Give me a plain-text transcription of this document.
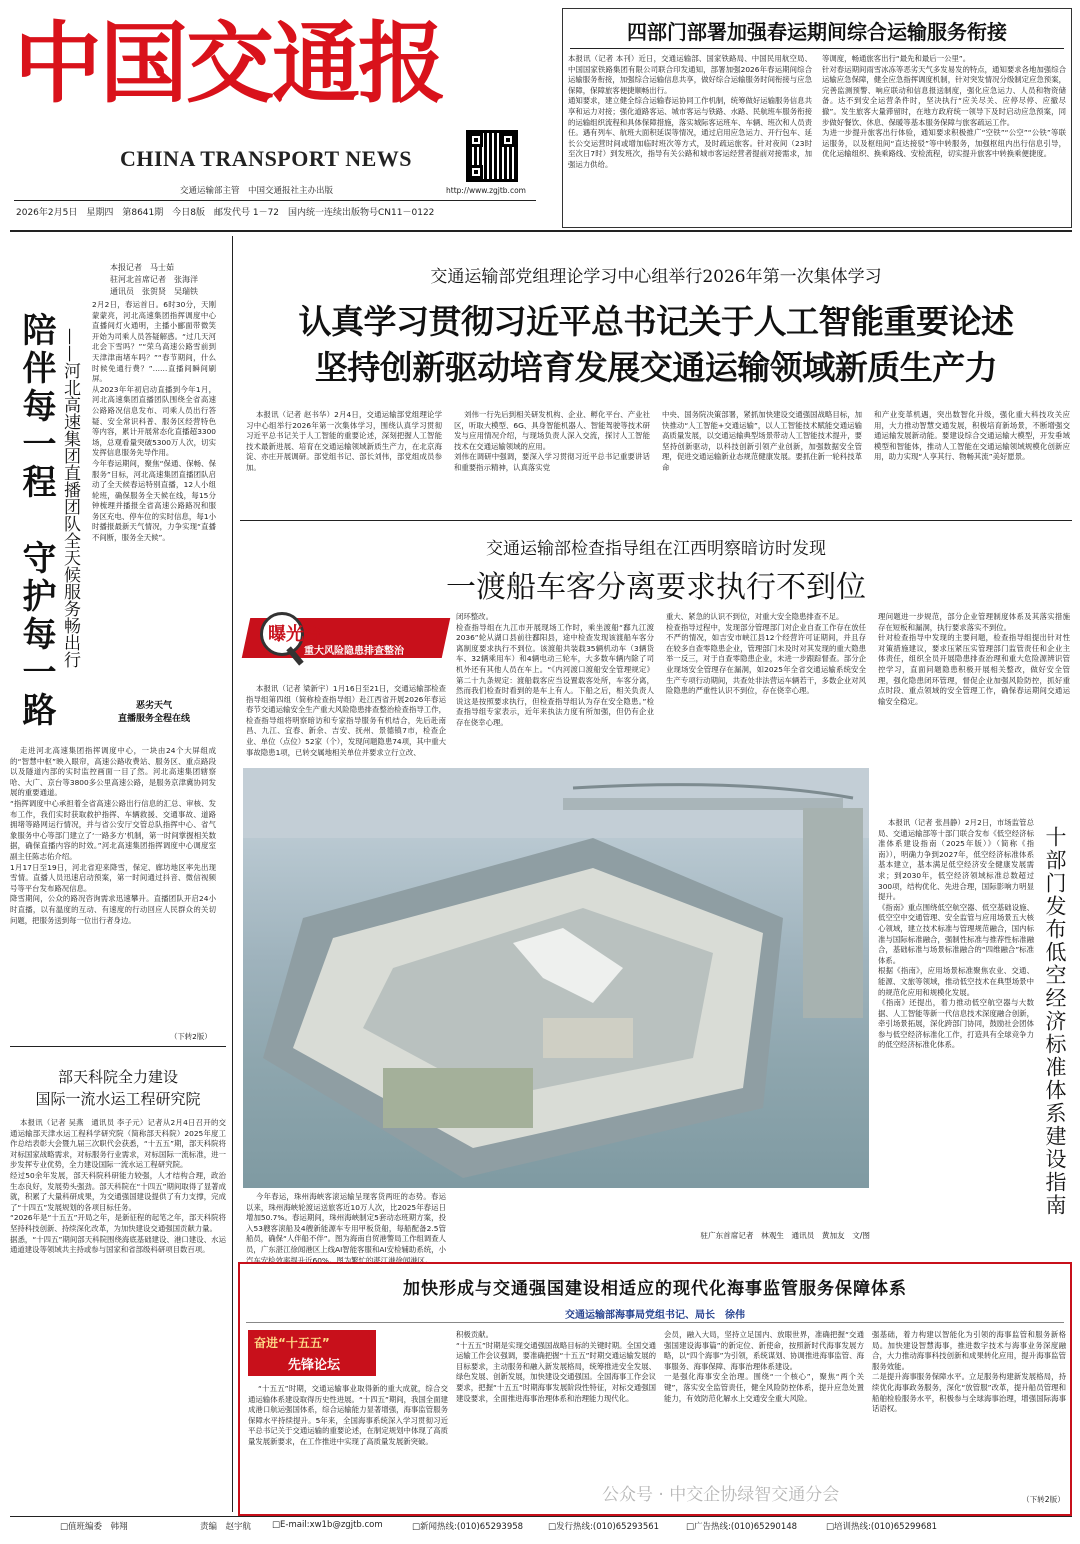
中国交通报
CHINA TRANSPORT NEWS
交通运输部主管　中国交通报社主办出版	http://www.zgjtb.com
2026年2月5日　星期四　第8641期　今日8版　邮发代号 1－72　国内统一连续出版物号CN11－0122
四部门部署加强春运期间综合运输服务衔接
本报讯（记者 本刊）近日，交通运输部、国家铁路局、中国民用航空局、中国国家铁路集团有限公司联合印发通知，部署加强2026年春运期间综合运输服务衔接，加强综合运输信息共享，做好综合运输服务时间衔接与应急保障，保障旅客便捷顺畅出行。
通知要求，建立健全综合运输春运协同工作机制，统筹做好运输服务信息共享和运力对接；强化道路客运、城市客运与铁路、水路、民航班车服务衔接的运输组织流程和具体保障措施，落实城际客运班车、车辆、班次和人员责任。遇有列车、航班大面积延误等情况，通过启用应急运力、开行包车、延长公交运营时间或增加临时班次等方式，及时疏运旅客。针对夜间（23时至次日7时）到发班次，指导有关公路和城市客运经营者提前对接需求，加强运力供给。
等调度，畅通旅客出行“最先和最后一公里”。
针对春运期间雨雪冰冻等恶劣天气多发易发的特点，通知要求各地加强综合运输应急保障，健全应急指挥调度机制，针对突发情况分级制定应急预案，完善监测预警、响应联动和信息报送制度，强化应急运力、人员和物资储备。达不到安全运营条件时，坚决执行“应关尽关、应停尽停、应撤尽撤”。发生旅客大量滞留时，在地方政府统一领导下及时启动应急预案，同步做好餐饮、休息、保暖等基本服务保障与旅客疏运工作。
为进一步提升旅客出行体验，通知要求积极推广“空铁”“公空”“公铁”等联运服务，以及枢纽间“直达接驳”等中转服务，加强枢纽内出行信息引导，优化运输组织、换乘路线、安检流程，切实提升旅客中转换乘便捷度。
本报记者　马士茹
驻河北首席记者　张海洋
通讯员　张贺贤　吴瑞铁
陪伴每一程　守护每一路 ——河北高速集团直播团队全天候服务畅出行
2月2日，春运首日。6时30分，天刚蒙蒙亮，河北高速集团指挥调度中心直播间灯火通明，主播小郦面带微笑开始为司乘人员答疑解惑。“过几天河北会下雪吗？”“荣乌高速公路雪前到天津津南堵车吗？”“春节期间，什么时候免通行费？”……直播间瞬间刷屏。
从2023年年初启动直播到今年1月，河北高速集团直播团队围绕全省高速公路路况信息发布、司乘人员出行答疑、安全常识科普、服务区经营特色等内容，累计开展常态化直播超3300场，总观看量突破5300万人次，切实发挥信息服务先导作用。
今年春运期间，聚焦“保通、保畅、保服务”目标，河北高速集团直播团队启动了全天候春运特别直播，12人小组轮班，确保服务全天候在线，每15分钟梳理并播报全省高速公路路况和服务区充电、停车位的实时信息，每1小时播报最新天气情况，力争实现“直播不间断，服务全天候”。
恶劣天气
直播服务全程在线
走进河北高速集团指挥调度中心，一块由24个大屏组成的“智慧中枢”映入眼帘，高速公路收费站、服务区、重点路段以及隧道内部的实时监控画面一目了然。河北高速集团辖察哈、大广、京台等3800多公里高速公路，是服务京津冀协同发展的重要通道。
“指挥调度中心承担着全省高速公路出行信息的汇总、审核、发布工作，我们实时获取救护指挥、车辆救援、交通事故、道路拥堵等路网运行情况，并与省公安厅交管总队指挥中心、省气象服务中心等部门建立了‘一路多方’机制，第一时间掌握相关数据，确保直播内容的时效。”河北高速集团指挥调度中心调度室副主任陈志佑介绍。
1月17日至19日，河北省迎来降雪，保定、廊坊地区率先出现雪情。直播人员迅速启动预案，第一时间通过抖音、微信视频号等平台发布路况信息。
降雪期间，公众的路况咨询需求迅速攀升。直播团队开启24小时直播，以有温度的互动、有速度的行动回应人民群众的关切问题，把服务送到每一位出行者身边。
（下转2版）
部天科院全力建设
国际一流水运工程研究院
本报讯（记者 吴燕　通讯员 李子元）记者从2月4日召开的交通运输部天津水运工程科学研究院（简称部天科院）2025年度工作总结表彰大会暨九届三次职代会获悉，“十五五”期，部天科院将对标国家战略需求，对标服务行业需求，对标国际一流标准，进一步发挥专业优势，全力建设国际一流水运工程研究院。
经过50余年发展，部天科院科研能力较强，人才结构合理，政治生态良好，发展势头强劲。部天科院在“十四五”期间取得了显著成就，积累了大量科研成果，为交通强国建设提供了有力支撑，完成了“十四五”发展规划的各项目标任务。
“2026年是“十五五”开局之年，是新征程的起笔之年，部天科院将坚持科技创新、持续深化改革，为加快建设交通强国贡献力量。
据悉，“十四五”期间部天科院围绕海底基础建设、港口建设、水运通道建设等领域共主持或参与国家和省部级科研项目数百项。
交通运输部党组理论学习中心组举行2026年第一次集体学习
认真学习贯彻习近平总书记关于人工智能重要论述
坚持创新驱动培育发展交通运输领域新质生产力
本报讯（记者 赵书华）2月4日，交通运输部党组理论学习中心组举行2026年第一次集体学习，围绕认真学习贯彻习近平总书记关于人工智能的重要论述，深刻把握人工智能技术最新进展、培育在交通运输领域新质生产力，在北京海淀、亦庄开展调研。部党组书记、部长刘伟，部党组成员参加。
刘伟一行先后到相关研发机构、企业、孵化平台、产业社区，听取大模型、6G、具身智能机器人、智能驾驶等技术研发与应用情况介绍，与现场负责人深入交流，探讨人工智能技术在交通运输领域的应用。
刘伟在调研中强调，要深入学习贯彻习近平总书记重要讲话和重要指示精神，认真落实党
中央、国务院决策部署，紧抓加快建设交通强国战略目标，加快推动“人工智能+交通运输”，以人工智能技术赋能交通运输高质量发展，以交通运输典型场景带动人工智能技术提升，要坚持创新驱动，以科技创新引领产业创新，加强数据安全管理，促进交通运输新业态规范健康发展。要抓住新一轮科技革命
和产业变革机遇，突出数智化升级，强化重大科技攻关应用，大力推动智慧交通发展，积极培育新场景，不断增强交通运输发展新动能。要建设综合交通运输大模型，开发垂域模型和智能体，推动人工智能在交通运输领域规模化创新应用，助力实现“人享其行、物畅其流”美好愿景。
交通运输部检查指导组在江西明察暗访时发现
一渡船车客分离要求执行不到位
曝光台
重大风险隐患排查整治
本报讯（记者 梁新宇）1月16日至21日，交通运输部检查指导组第四组（简称检查指导组）赴江西省开展2026年春运春节交通运输安全生产重大风险隐患排查整治检查指导工作，检查指导组将明察暗访和专家指导服务有机结合，先后赴南昌、九江、宜春、新余、吉安、抚州、景德镇7市，检查企业、单位（点位）52家（个），发现问题隐患74项，其中重大事故隐患1项，已转交属地相关单位并要求立行立改、
闭环整改。
检查指导组在九江市开展现场工作时，乘坐渡船“鄱九江渡2036”轮从湖口县前往鄱阳县，途中检查发现该渡船车客分离制度要求执行不到位。该渡船共装载35辆机动车（3辆货车、32辆乘用车）和4辆电动三轮车，大多数车辆内除了司机外还有其他人员在车上。“《内河渡口渡船安全管理规定》第二十九条规定：渡船载客应当设置载客处所，车客分离，然而我们检查时看到的是车上有人。下船之后，相关负责人说这是按照要求执行，但检查指导组认为存在安全隐患。”检查指导组专家表示，近年来执法力度有所加强，但仍有企业存在侥幸心理。
重大、紧急的认识不到位，对重大安全隐患排查不足。
检查指导过程中，发现部分管理部门对企业自查工作存在放任不严的情况，如吉安市峡江县12个经营许可证期间，并且存在较多自查零隐患企业，管理部门未及时对其发现的重大隐患举一反三，对于自查零隐患企业，未进一步跟踪督查。部分企业现场安全管理存在漏洞，如2025年全省交通运输系统安全生产专项行动期间，共查处非法营运车辆若干，多数企业对风险隐患的严重性认识不到位，存在侥幸心理。
理问题进一步规范，部分企业管理制度体系及其落实措施存在短板和漏洞，执行要求落实不到位。
针对检查指导中发现的主要问题，检查指导组提出针对性对策措施建议，要求压紧压实管理部门监管责任和企业主体责任，组织全员开展隐患排查治理和重大危险源辨识管控学习，直面问题隐患积极开展相关整改，做好安全管理，强化隐患闭环管理，督促企业加强风险防控，抓好重点时段、重点领域的安全管理工作，确保春运期间交通运输安全稳定。
今年春运，珠州海峡客滚运输呈现客货两旺的态势。春运以来，珠州海峡轮渡运送旅客近10万人次，比2025年春运日增加50.7%。春运期间，珠州海峡制定5套动态班期方案，投入53艘客滚船及4艘新能源车专用甲板货船，每船配备2.5管船员，确保“人伴船不伴”。图为海南自贸港警局工作组调查人员，广东湛江徐闻港区上线AI智能客服和AI安检辅助系统，小汽车安检效率提升近60%。图为繁忙的湛江港徐闻港区。
驻广东首席记者　林观生　通讯员　黄加友　文/图
本报讯（记者 张昌静）2月2日，市场监管总局、交通运输部等十部门联合发布《低空经济标准体系建设指南（2025年版）》（简称《指南》），明确力争到2027年，低空经济标准体系基本建立，基本满足低空经济安全健康发展需求；到2030年，低空经济领域标准总数超过300项，结构优化、先进合理，国际影响力明显提升。
《指南》重点围绕低空航空器、低空基础设施、低空空中交通管理、安全监管与应用场景五大核心领域，建立技术标准与管理规范融合，国内标准与国际标准融合，强制性标准与推荐性标准融合，基础标准与场景标准融合的“四维融合”标准体系。
根据《指南》，应用场景标准聚焦农业、交通、能源、文旅等领域，推动低空技术在典型场景中的规范化应用和规模化发展。
《指南》还提出，着力推动低空航空器与大数据、人工智能等新一代信息技术深度融合创新，牵引场景拓展，深化跨部门协同，鼓励社会团体参与低空经济标准化工作，打造具有全球竞争力的低空经济标准化体系。	十部门发布低空经济标准体系建设指南
加快形成与交通强国建设相适应的现代化海事监管服务保障体系
交通运输部海事局党组书记、局长　徐伟
奋进“十五五”
先锋论坛
“十五五”时期，交通运输事业取得新的重大成就，综合交通运输体系建设取得历史性进展。“十四五”期间，我国全面建成港口航运强国体系，综合运输能力显著增强，海事监管服务保障水平持续提升。5年来，全国海事系统深入学习贯彻习近平总书记关于交通运输的重要论述，在制定规划中体现了高质量发展新要求，在工作推进中实现了高质量发展新突破。
积极贡献。
“十五五”时期是实现交通强国战略目标的关键时期。全国交通运输工作会议强调，要准确把握“十五五”时期交通运输发展的目标要求，主动服务和融入新发展格局，统筹推进安全发展、绿色发展、创新发展，加快建设交通强国。全国海事工作会议要求，把握“十五五”时期海事发展阶段性特征，对标交通强国建设要求，全面推进海事治理体系和治理能力现代化。
会员，融入大局，坚持立足国内、放眼世界，准确把握“交通强国建设海事篇”的新定位、新使命，按照新时代海事发展方略，以“四个海事”为引领，系统谋划、协调推进海事监管、海事服务、海事保障、海事治理体系建设。
一是强化海事安全治理。围绕“一个核心”，聚焦“两个关键”，落实安全监管责任，健全风险防控体系，提升应急处置能力，有效防范化解水上交通安全重大风险。
强基础，着力构建以智能化为引领的海事监管和服务新格局。加快建设智慧海事，推进数字技术与海事业务深度融合，大力推动海事科技创新和成果转化应用，提升海事监管服务效能。
二是提升海事服务保障水平。立足服务构建新发展格局，持续优化海事政务服务，深化“放管服”改革，提升船员管理和船舶检验服务水平，积极参与全球海事治理，增强国际海事话语权。
（下转2版）
公众号 · 中交企协绿智交通分会
□值班编委　 韩翔	责编　 赵宇航 □E-mail:xw1b@zgjtb.com	□新闻热线:(010)65293958	□发行热线:(010)65293561	□广告热线:(010)65290148	□培训热线:(010)65299681
